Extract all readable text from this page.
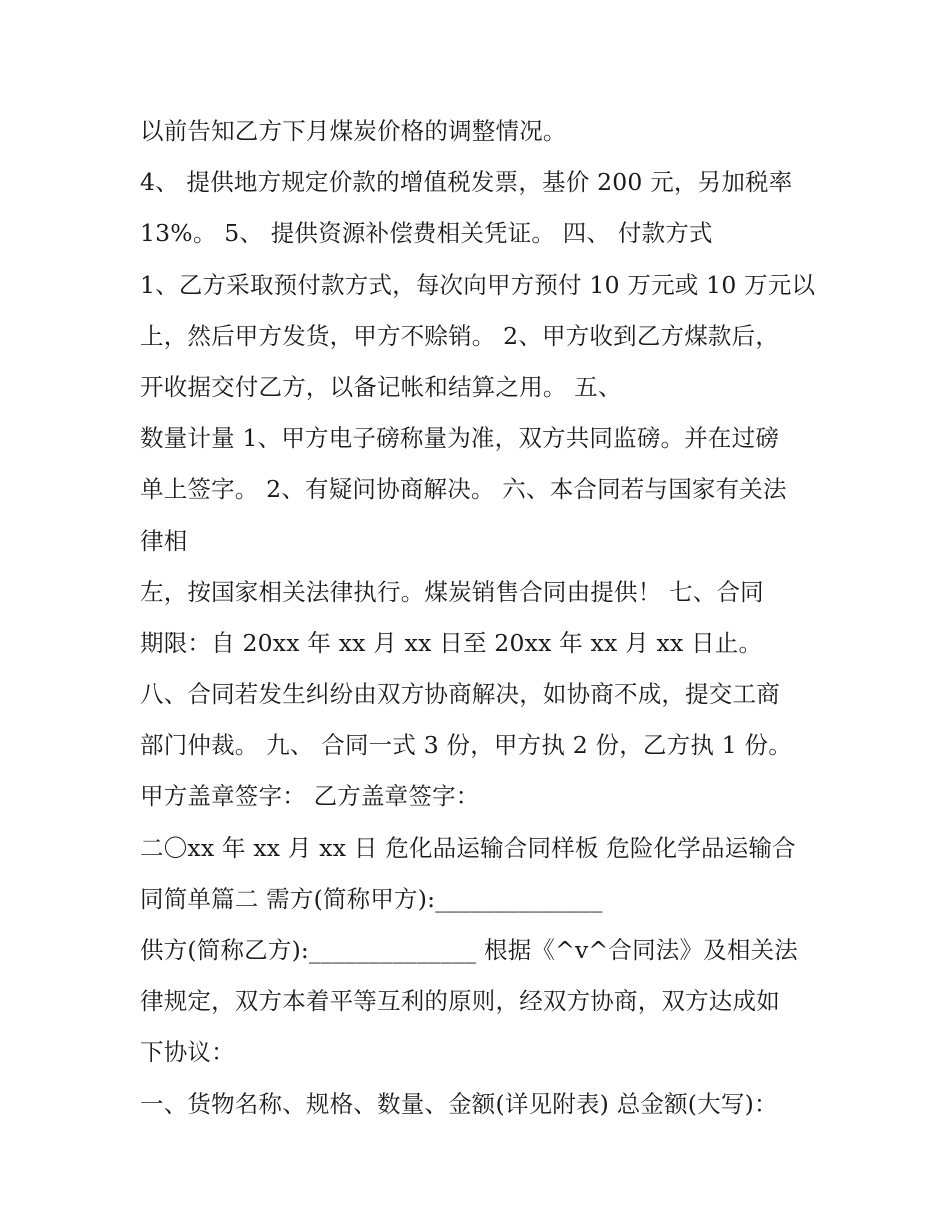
以前告知乙方下月煤炭价格的调整情况。
4、 提供地方规定价款的增值税发票，基价 200 元，另加税率
13%。 5、 提供资源补偿费相关凭证。 四、 付款方式
1、乙方采取预付款方式，每次向甲方预付 10 万元或 10 万元以
上，然后甲方发货，甲方不赊销。 2、甲方收到乙方煤款后，
开收据交付乙方，以备记帐和结算之用。 五、
数量计量 1、甲方电子磅称量为准，双方共同监磅。并在过磅
单上签字。 2、有疑问协商解决。 六、本合同若与国家有关法
律相
左，按国家相关法律执行。煤炭销售合同由提供！ 七、合同
期限：自 20xx 年 xx 月 xx 日至 20xx 年 xx 月 xx 日止。
八、合同若发生纠纷由双方协商解决，如协商不成，提交工商
部门仲裁。 九、 合同一式 3 份，甲方执 2 份，乙方执 1 份。
甲方盖章签字： 乙方盖章签字：
二〇xx 年 xx 月 xx 日 危化品运输合同样板 危险化学品运输合
同简单篇二 需方(简称甲方):______________
供方(简称乙方):______________ 根据《^v^合同法》及相关法
律规定，双方本着平等互利的原则，经双方协商，双方达成如
下协议：
一、货物名称、规格、数量、金额(详见附表) 总金额(大写)：
